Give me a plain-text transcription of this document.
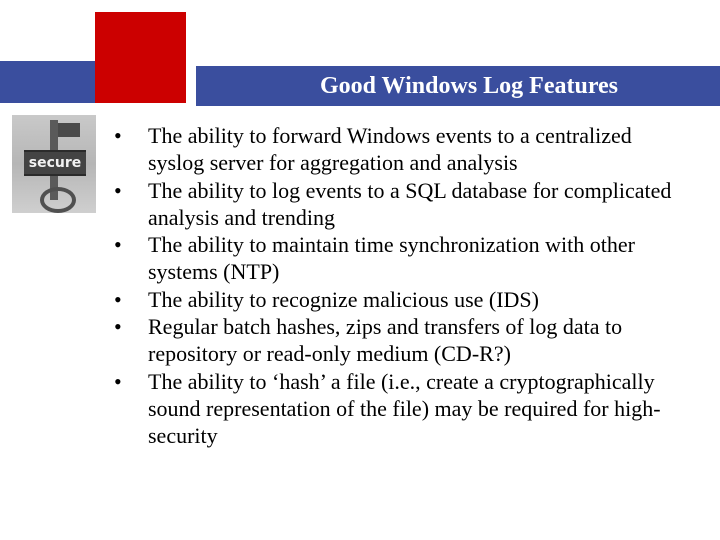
Good Windows Log Features
secure
• The ability to forward Windows events to a centralized syslog server for aggregation and analysis
• The ability to log events to a SQL database for complicated analysis and trending
• The ability to maintain time synchronization with other systems (NTP)
• The ability to recognize malicious use (IDS)
• Regular batch hashes, zips and transfers of log data to repository or read-only medium (CD-R?)
• The ability to ‘hash’ a file (i.e., create a cryptographically sound representation of the file) may be required for high-security
